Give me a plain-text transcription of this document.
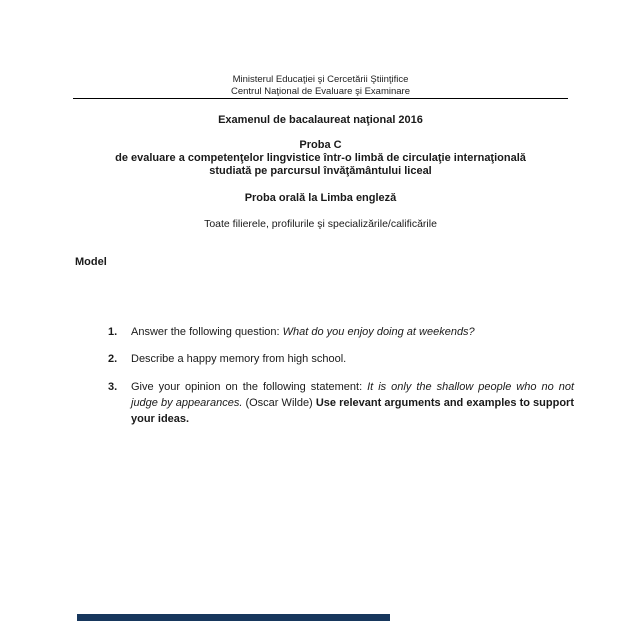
Ministerul Educaţiei şi Cercetării Ştiinţifice
Centrul Naţional de Evaluare şi Examinare
Examenul de bacalaureat naţional 2016
Proba C
de evaluare a competenţelor lingvistice într-o limbă de circulaţie internaţională
studiată pe parcursul învăţământului liceal
Proba orală la Limba engleză
Toate filierele, profilurile şi specializările/calificările
Model
1. Answer the following question: What do you enjoy doing at weekends?

2. Describe a happy memory from high school.

3. Give your opinion on the following statement: It is only the shallow people who no not judge by appearances. (Oscar Wilde) Use relevant arguments and examples to support your ideas.
